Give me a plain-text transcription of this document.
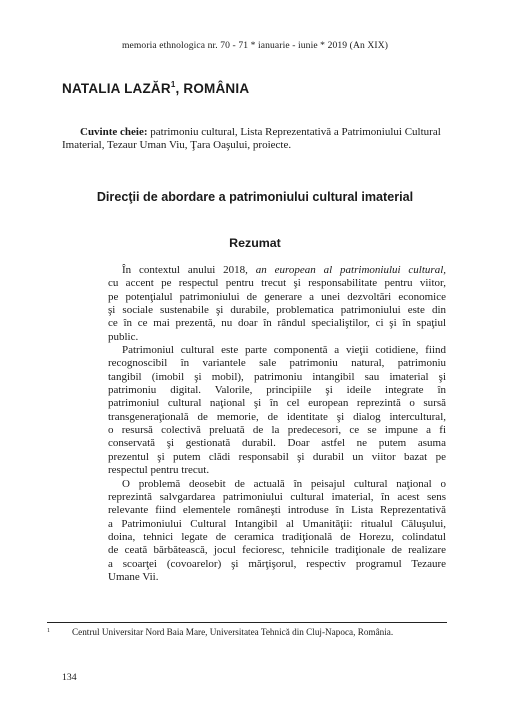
memoria ethnologica nr. 70 - 71 * ianuarie - iunie * 2019 (An XIX)
NATALIA LAZĂR$^1$, ROMÂNIA
Cuvinte cheie: patrimoniu cultural, Lista Reprezentativă a Patrimoniului Cultural Imaterial, Tezaur Uman Viu, Ţara Oaşului, proiecte.
Direcţii de abordare a patrimoniului cultural imaterial
Rezumat
În contextul anului 2018, an european al patrimoniului cultural,
cu accent pe respectul pentru trecut şi responsabilitate pentru viitor,
pe potenţialul patrimoniului de generare a unei dezvoltări economice
şi sociale sustenabile şi durabile, problematica patrimoniului este din
ce în ce mai prezentă, nu doar în rândul specialiştilor, ci şi în spaţiul
public.
Patrimoniul cultural este parte componentă a vieţii cotidiene, fiind
recognoscibil în variantele sale patrimoniu natural, patrimoniu
tangibil (imobil şi mobil), patrimoniu intangibil sau imaterial şi
patrimoniu digital. Valorile, principiile şi ideile integrate în
patrimoniul cultural naţional şi în cel european reprezintă o sursă
transgeneraţională de memorie, de identitate şi dialog intercultural,
o resursă colectivă preluată de la predecesori, ce se impune a fi
conservată şi gestionată durabil. Doar astfel ne putem asuma
prezentul şi putem clădi responsabil şi durabil un viitor bazat pe
respectul pentru trecut.
O problemă deosebit de actuală în peisajul cultural naţional o
reprezintă salvgardarea patrimoniului cultural imaterial, în acest sens
relevante fiind elementele româneşti introduse în Lista Reprezentativă
a Patrimoniului Cultural Intangibil al Umanităţii: ritualul Căluşului,
doina, tehnici legate de ceramica tradiţională de Horezu, colindatul
de ceată bărbătească, jocul fecioresc, tehnicile tradiţionale de realizare
a scoarţei (covoarelor) şi mărţişorul, respectiv programul Tezaure
Umane Vii.
$^1$ Centrul Universitar Nord Baia Mare, Universitatea Tehnică din Cluj-Napoca, România.
134
